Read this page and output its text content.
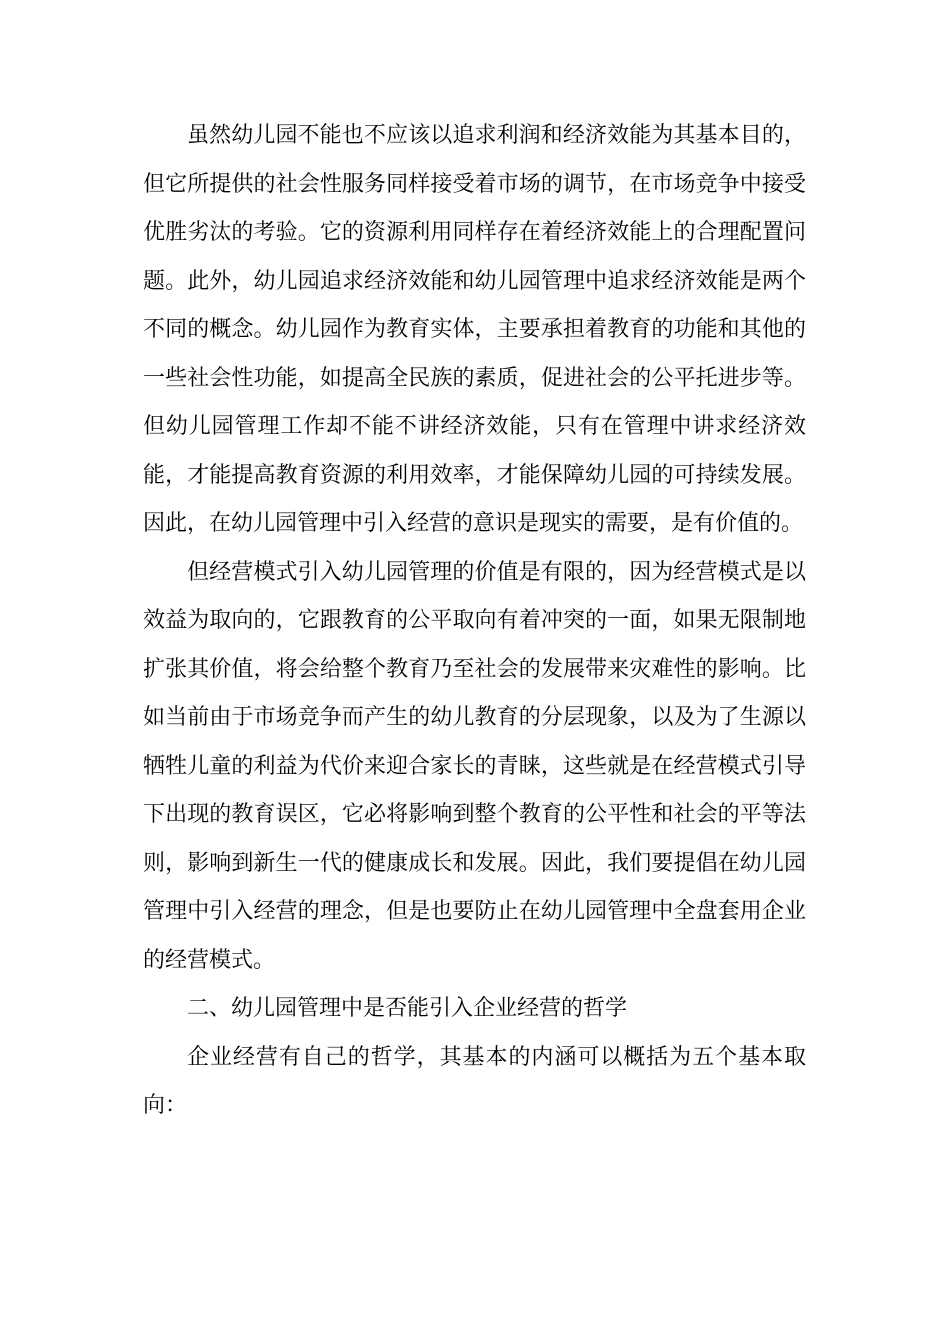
虽然幼儿园不能也不应该以追求利润和经济效能为其基本目的，但它所提供的社会性服务同样接受着市场的调节，在市场竞争中接受优胜劣汰的考验。它的资源利用同样存在着经济效能上的合理配置问题。此外，幼儿园追求经济效能和幼儿园管理中追求经济效能是两个不同的概念。幼儿园作为教育实体，主要承担着教育的功能和其他的一些社会性功能，如提高全民族的素质，促进社会的公平托进步等。但幼儿园管理工作却不能不讲经济效能，只有在管理中讲求经济效能，才能提高教育资源的利用效率，才能保障幼儿园的可持续发展。因此，在幼儿园管理中引入经营的意识是现实的需要，是有价值的。

但经营模式引入幼儿园管理的价值是有限的，因为经营模式是以效益为取向的，它跟教育的公平取向有着冲突的一面，如果无限制地扩张其价值，将会给整个教育乃至社会的发展带来灾难性的影响。比如当前由于市场竞争而产生的幼儿教育的分层现象，以及为了生源以牺牲儿童的利益为代价来迎合家长的青睐，这些就是在经营模式引导下出现的教育误区，它必将影响到整个教育的公平性和社会的平等法则，影响到新生一代的健康成长和发展。因此，我们要提倡在幼儿园管理中引入经营的理念，但是也要防止在幼儿园管理中全盘套用企业的经营模式。

二、幼儿园管理中是否能引入企业经营的哲学

企业经营有自己的哲学，其基本的内涵可以概括为五个基本取向：
